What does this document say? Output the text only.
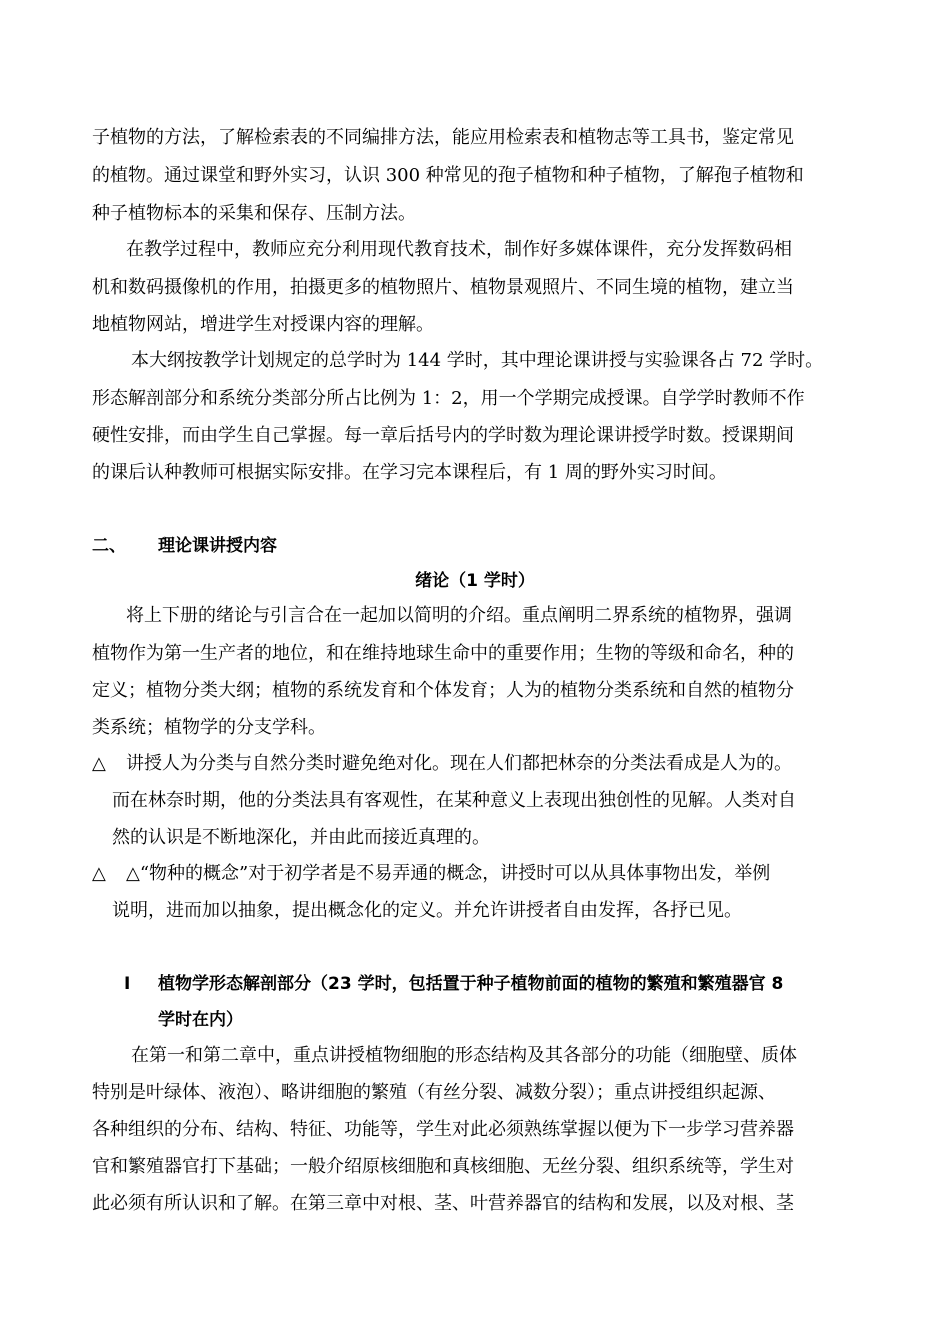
子植物的方法，了解检索表的不同编排方法，能应用检索表和植物志等工具书，鉴定常见
的植物。通过课堂和野外实习，认识 300 种常见的孢子植物和种子植物，了解孢子植物和
种子植物标本的采集和保存、压制方法。
在教学过程中，教师应充分利用现代教育技术，制作好多媒体课件，充分发挥数码相
机和数码摄像机的作用，拍摄更多的植物照片、植物景观照片、不同生境的植物，建立当
地植物网站，增进学生对授课内容的理解。
本大纲按教学计划规定的总学时为 144 学时，其中理论课讲授与实验课各占 72 学时。
形态解剖部分和系统分类部分所占比例为 1：2，用一个学期完成授课。自学学时教师不作
硬性安排，而由学生自己掌握。每一章后括号内的学时数为理论课讲授学时数。授课期间
的课后认种教师可根据实际安排。在学习完本课程后，有 1 周的野外实习时间。
二、	理论课讲授内容
绪论（1 学时）
将上下册的绪论与引言合在一起加以简明的介绍。重点阐明二界系统的植物界，强调
植物作为第一生产者的地位，和在维持地球生命中的重要作用；生物的等级和命名，种的
定义；植物分类大纲；植物的系统发育和个体发育；人为的植物分类系统和自然的植物分
类系统；植物学的分支学科。
△	讲授人为分类与自然分类时避免绝对化。现在人们都把林奈的分类法看成是人为的。
而在林奈时期，他的分类法具有客观性，在某种意义上表现出独创性的见解。人类对自
然的认识是不断地深化，并由此而接近真理的。
△	△“物种的概念”对于初学者是不易弄通的概念，讲授时可以从具体事物出发，举例
说明，进而加以抽象，提出概念化的定义。并允许讲授者自由发挥，各抒已见。
I	植物学形态解剖部分（23 学时，包括置于种子植物前面的植物的繁殖和繁殖器官 8
学时在内）
在第一和第二章中，重点讲授植物细胞的形态结构及其各部分的功能（细胞壁、质体
特别是叶绿体、液泡）、略讲细胞的繁殖（有丝分裂、减数分裂）；重点讲授组织起源、
各种组织的分布、结构、特征、功能等，学生对此必须熟练掌握以便为下一步学习营养器
官和繁殖器官打下基础；一般介绍原核细胞和真核细胞、无丝分裂、组织系统等，学生对
此必须有所认识和了解。在第三章中对根、茎、叶营养器官的结构和发展，以及对根、茎
